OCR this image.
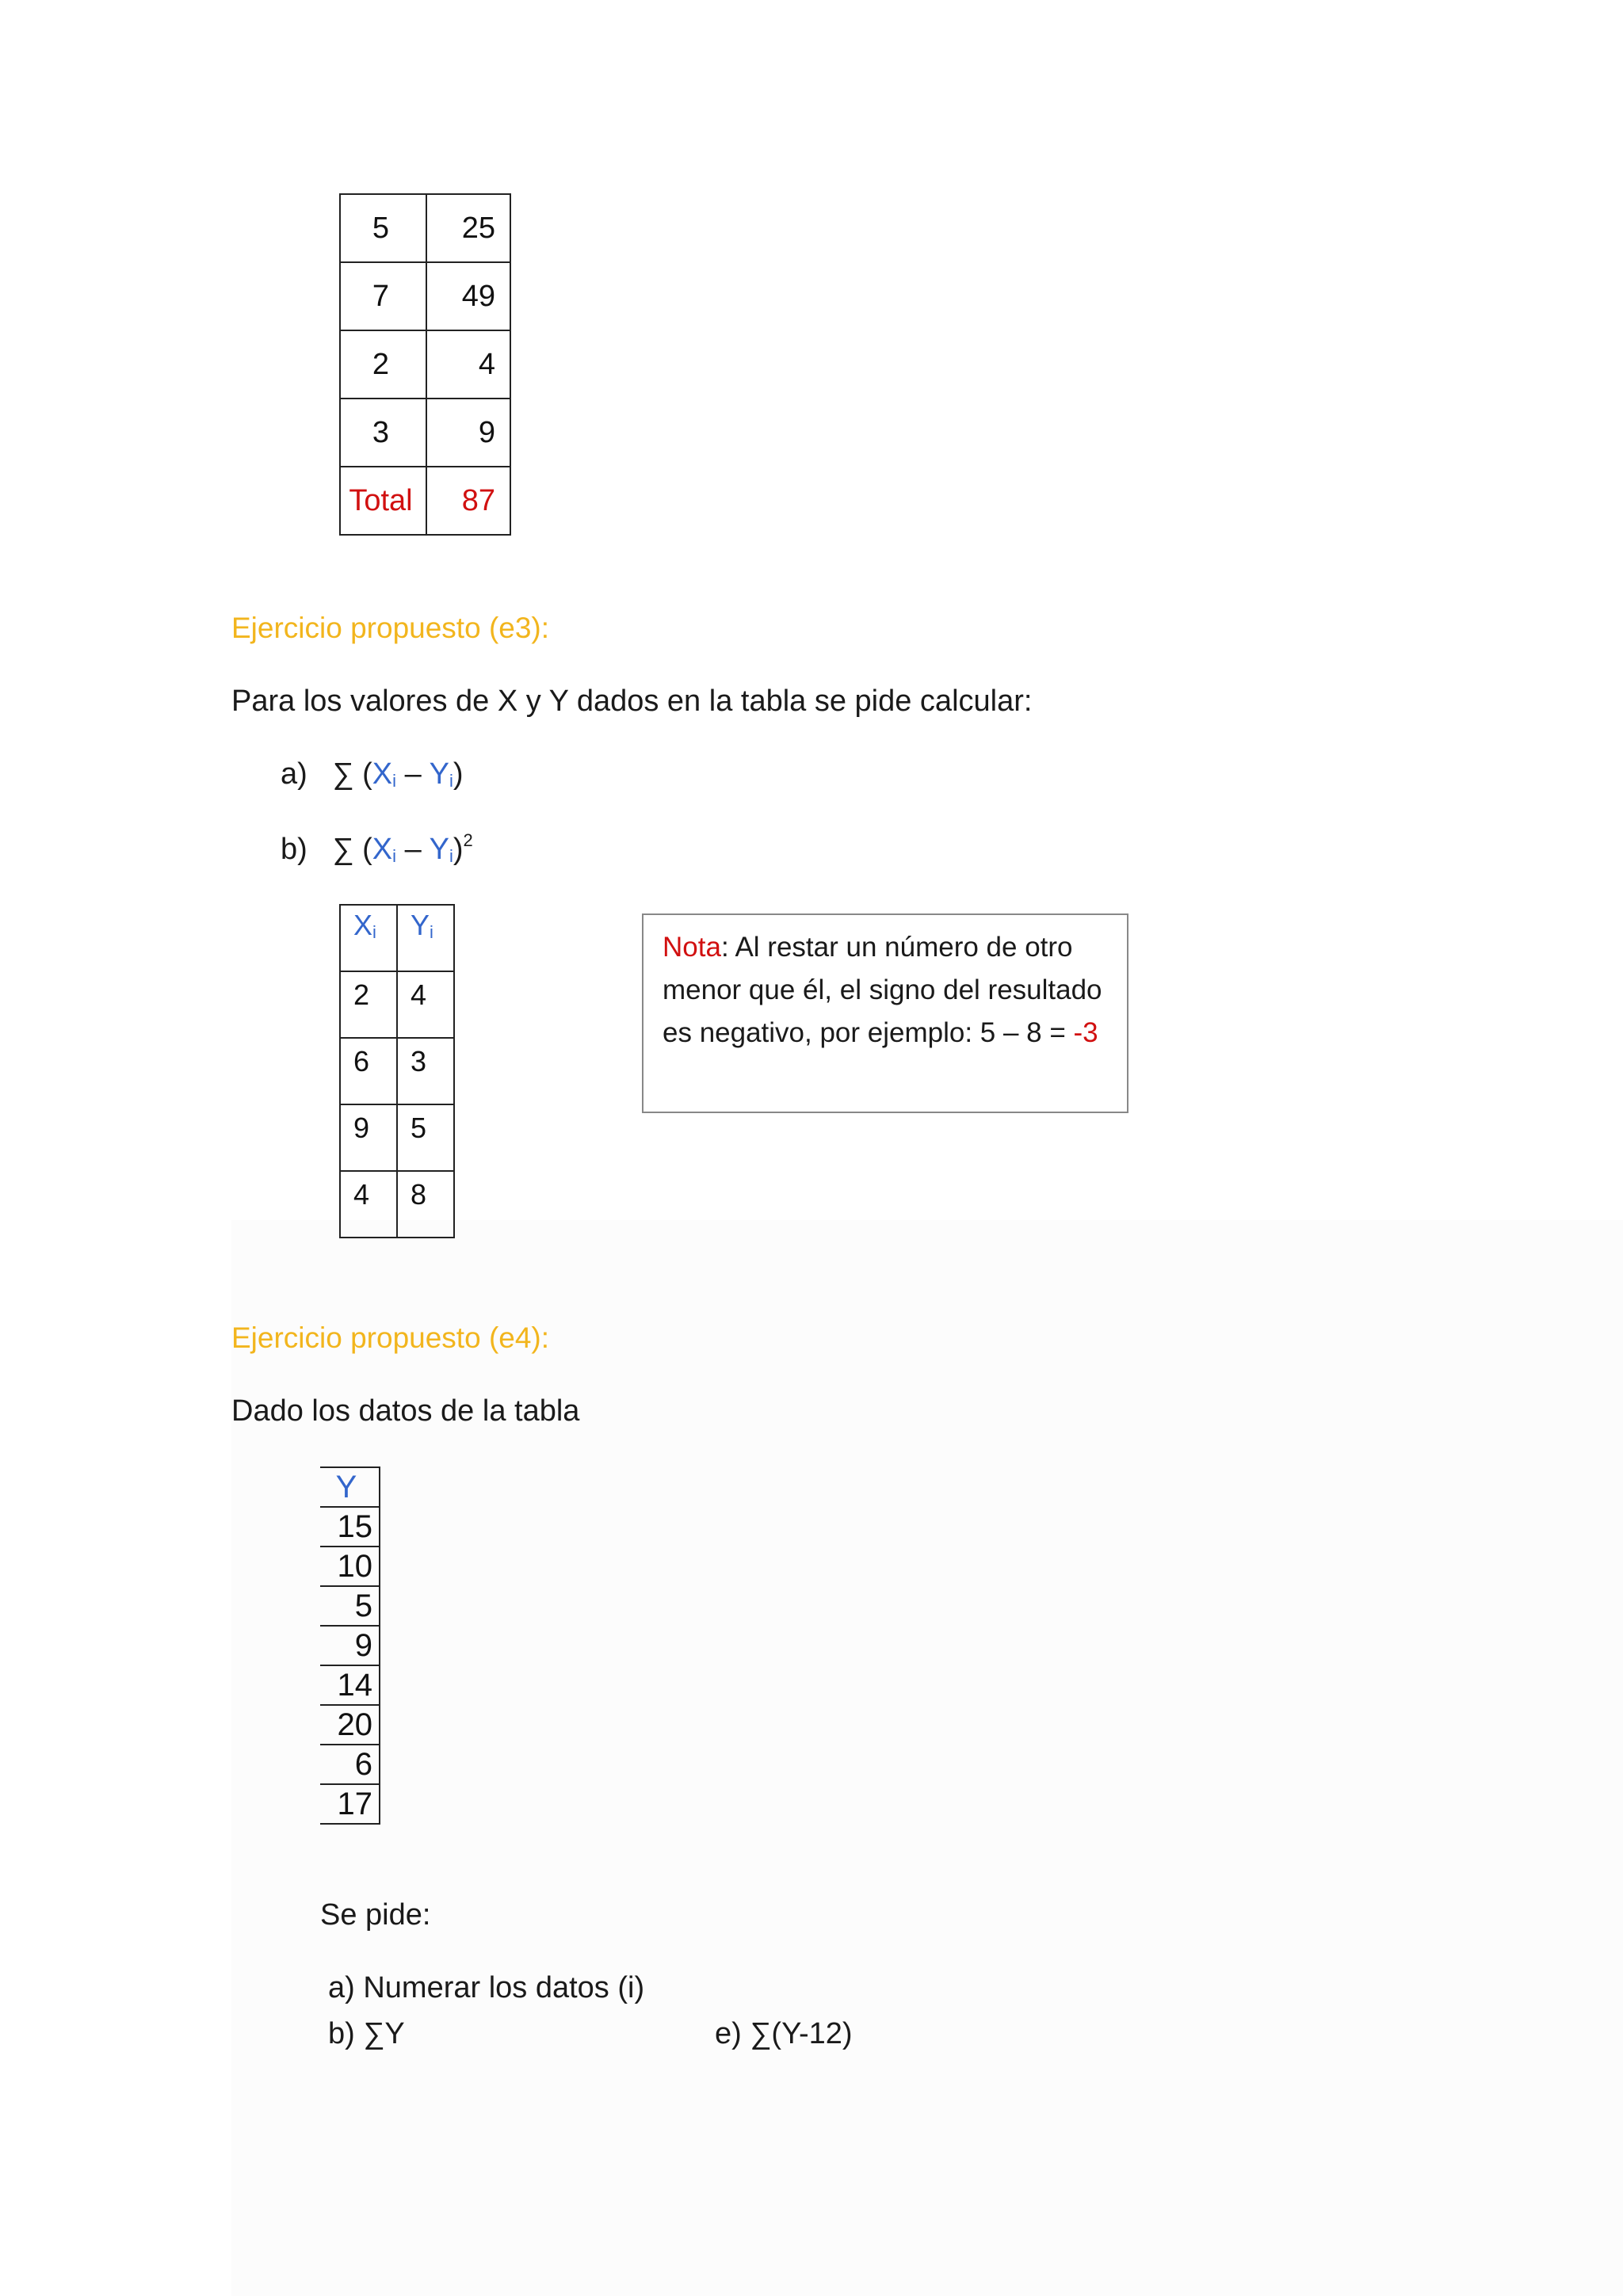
5	25
7	49
2	4
3	9
Total	87
Ejercicio propuesto (e3):
Para los valores de X y Y dados en la tabla se pide calcular:
a) ∑ (Xi – Yi)
b) ∑ (Xi – Yi)$^2$
Xi	Yi
2	4
6	3
9	5
4	8
Nota: Al restar un número de otro
menor que él, el signo del resultado
es negativo, por ejemplo: 5 – 8 = -3
Ejercicio propuesto (e4):
Dado los datos de la tabla
Y
15
10
5
9
14
20
6
17
Se pide:
a) Numerar los datos (i)
b) ∑Y	e) ∑(Y-12)
